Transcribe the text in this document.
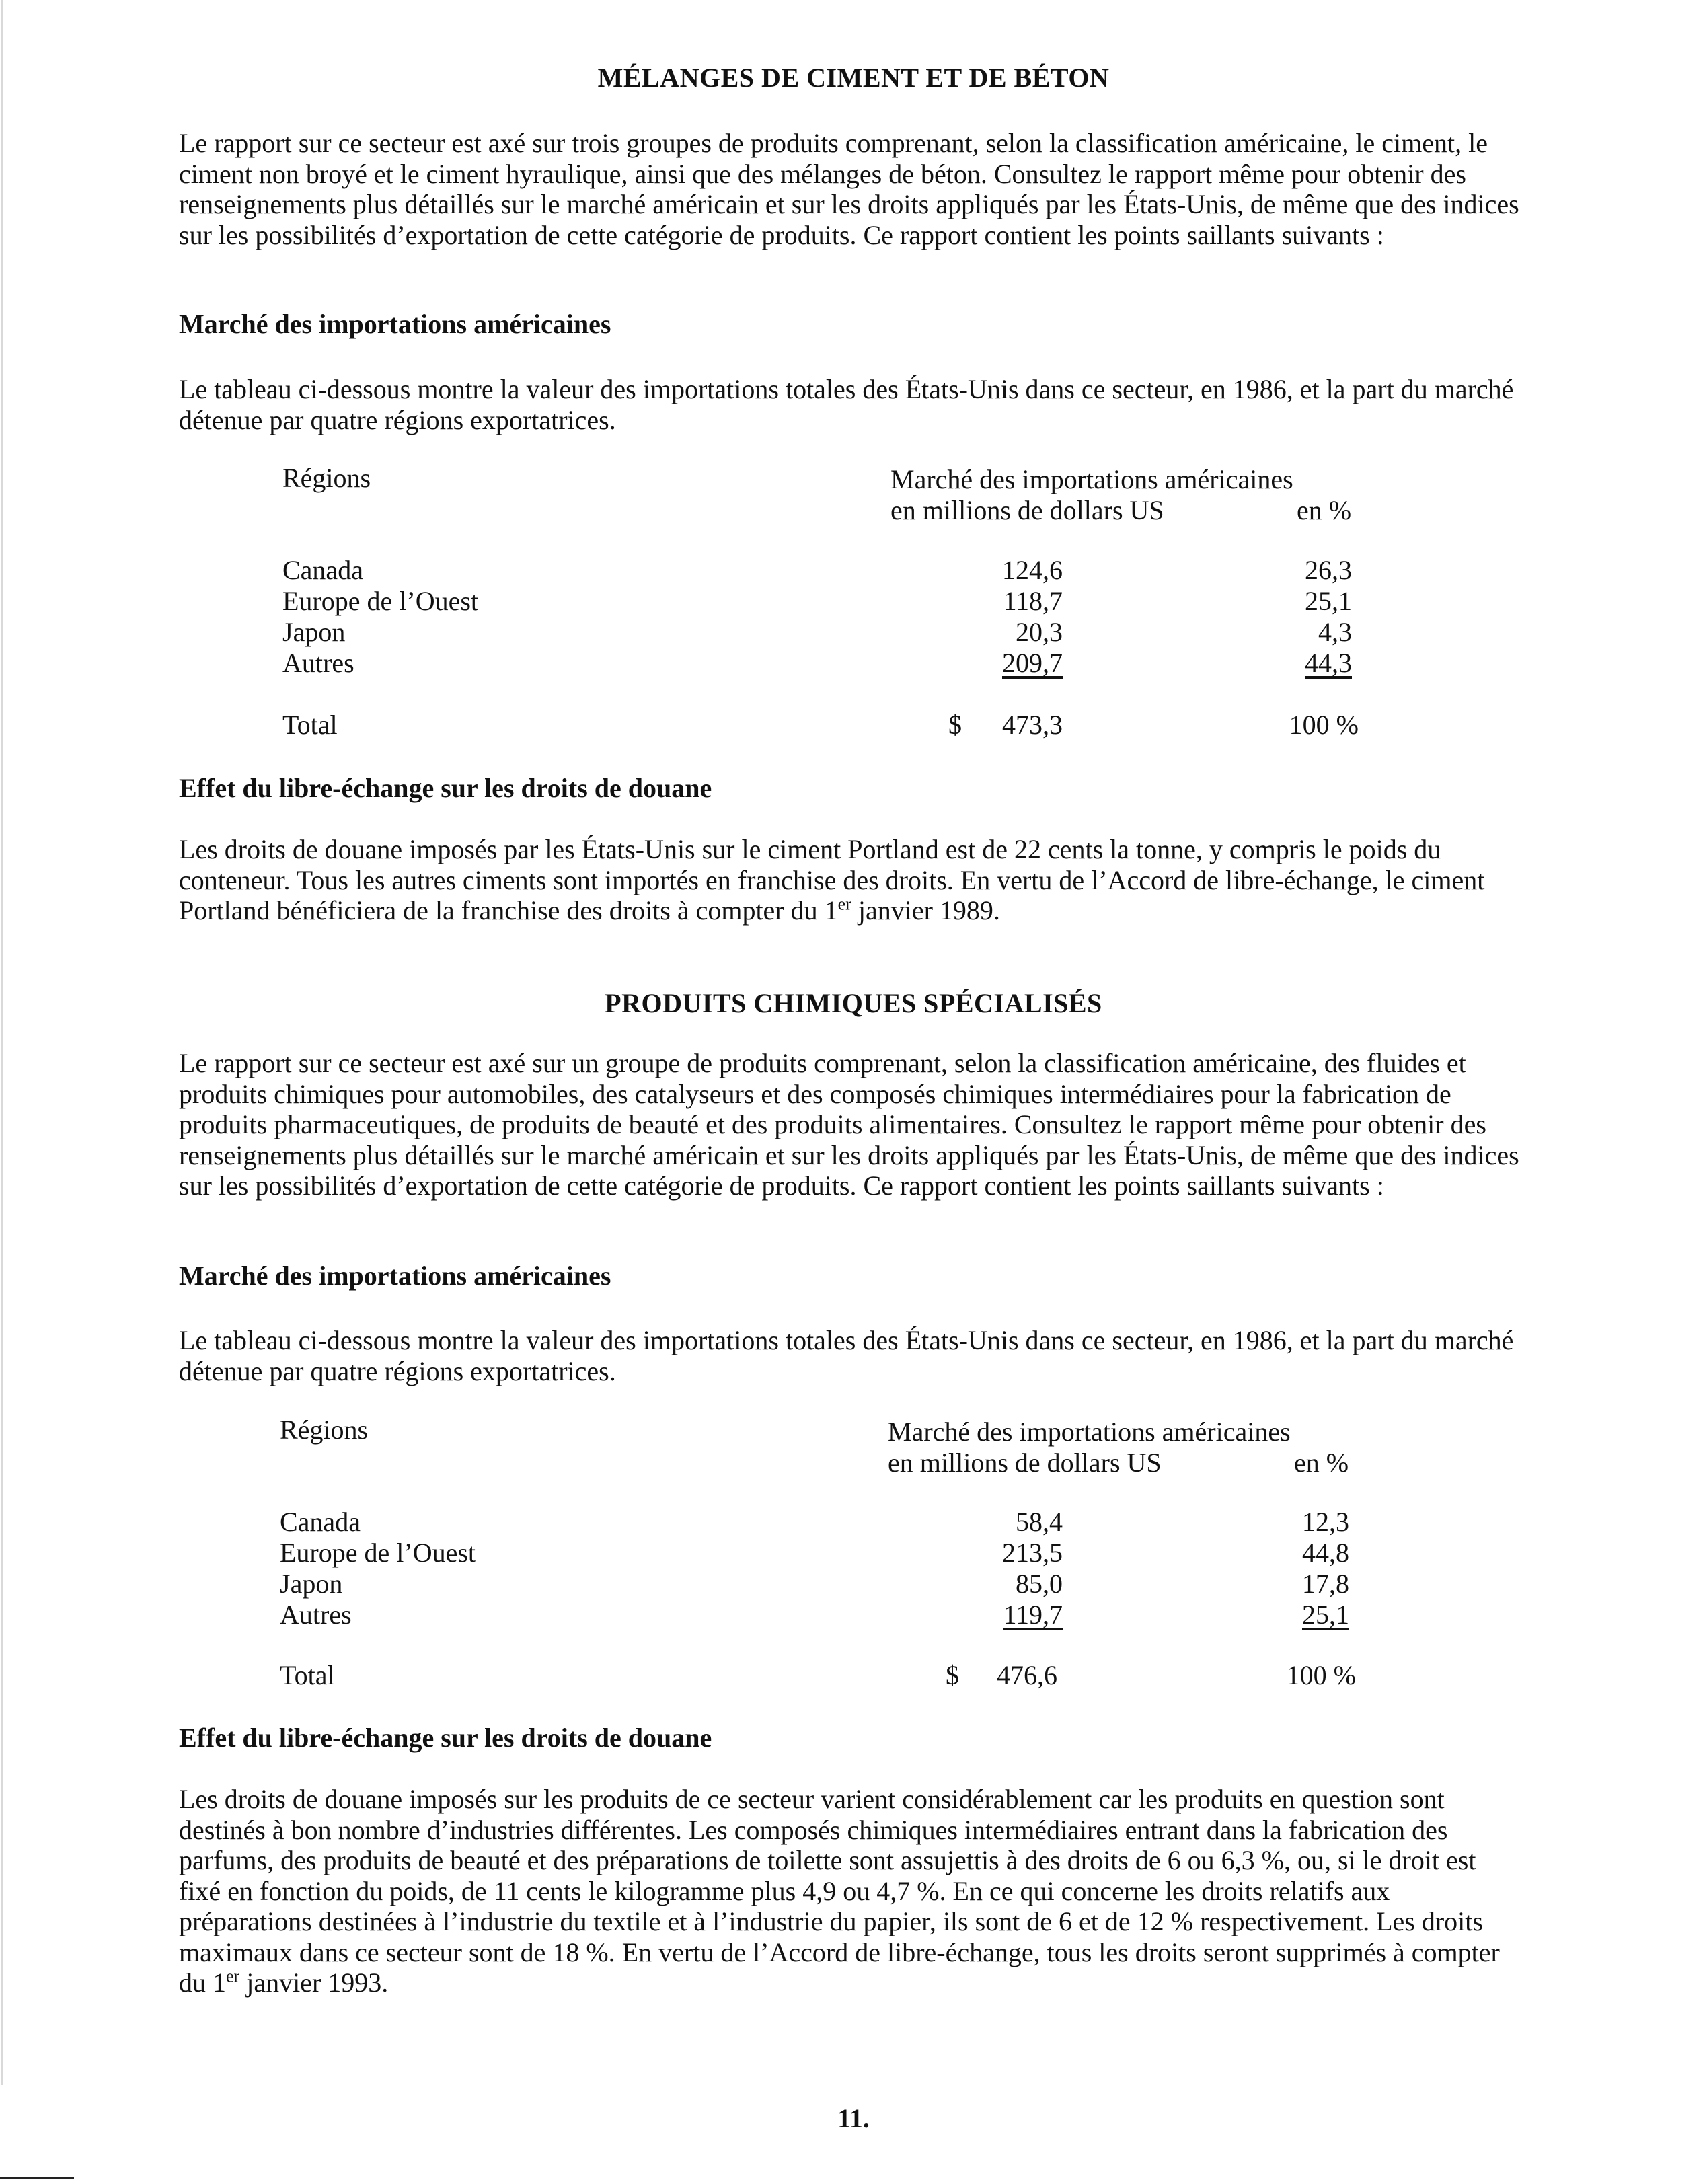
MÉLANGES DE CIMENT ET DE BÉTON
Le rapport sur ce secteur est axé sur trois groupes de produits comprenant, selon la classification américaine, le ciment, le ciment non broyé et le ciment hyraulique, ainsi que des mélanges de béton. Consultez le rapport même pour obtenir des renseignements plus détaillés sur le marché américain et sur les droits appliqués par les États-Unis, de même que des indices sur les possibilités d’exportation de cette catégorie de produits. Ce rapport contient les points saillants suivants :
Marché des importations américaines
Le tableau ci-dessous montre la valeur des importations totales des États-Unis dans ce secteur, en 1986, et la part du marché détenue par quatre régions exportatrices.
Régions	Marché des importations américaines
en millions de dollars US	en %
Canada	124,6	26,3
Europe de l’Ouest	118,7	25,1
Japon	20,3	4,3
Autres	209,7	44,3
Total	$	473,3	100 %
Effet du libre-échange sur les droits de douane
Les droits de douane imposés par les États-Unis sur le ciment Portland est de 22 cents la tonne, y compris le poids du conteneur. Tous les autres ciments sont importés en franchise des droits. En vertu de l’Accord de libre-échange, le ciment Portland bénéficiera de la franchise des droits à compter du 1er janvier 1989.
PRODUITS CHIMIQUES SPÉCIALISÉS
Le rapport sur ce secteur est axé sur un groupe de produits comprenant, selon la classification américaine, des fluides et produits chimiques pour automobiles, des catalyseurs et des composés chimiques intermédiaires pour la fabrication de produits pharmaceutiques, de produits de beauté et des produits alimentaires. Consultez le rapport même pour obtenir des renseignements plus détaillés sur le marché américain et sur les droits appliqués par les États-Unis, de même que des indices sur les possibilités d’exportation de cette catégorie de produits. Ce rapport contient les points saillants suivants :
Marché des importations américaines
Le tableau ci-dessous montre la valeur des importations totales des États-Unis dans ce secteur, en 1986, et la part du marché détenue par quatre régions exportatrices.
Régions	Marché des importations américaines
en millions de dollars US	en %
Canada	58,4	12,3
Europe de l’Ouest	213,5	44,8
Japon	85,0	17,8
Autres	119,7	25,1
Total	$	476,6	100 %
Effet du libre-échange sur les droits de douane
Les droits de douane imposés sur les produits de ce secteur varient considérablement car les produits en question sont destinés à bon nombre d’industries différentes. Les composés chimiques intermédiaires entrant dans la fabrication des parfums, des produits de beauté et des préparations de toilette sont assujettis à des droits de 6 ou 6,3 %, ou, si le droit est fixé en fonction du poids, de 11 cents le kilogramme plus 4,9 ou 4,7 %. En ce qui concerne les droits relatifs aux préparations destinées à l’industrie du textile et à l’industrie du papier, ils sont de 6 et de 12 % respectivement. Les droits maximaux dans ce secteur sont de 18 %. En vertu de l’Accord de libre-échange, tous les droits seront supprimés à compter du 1er janvier 1993.
11.
